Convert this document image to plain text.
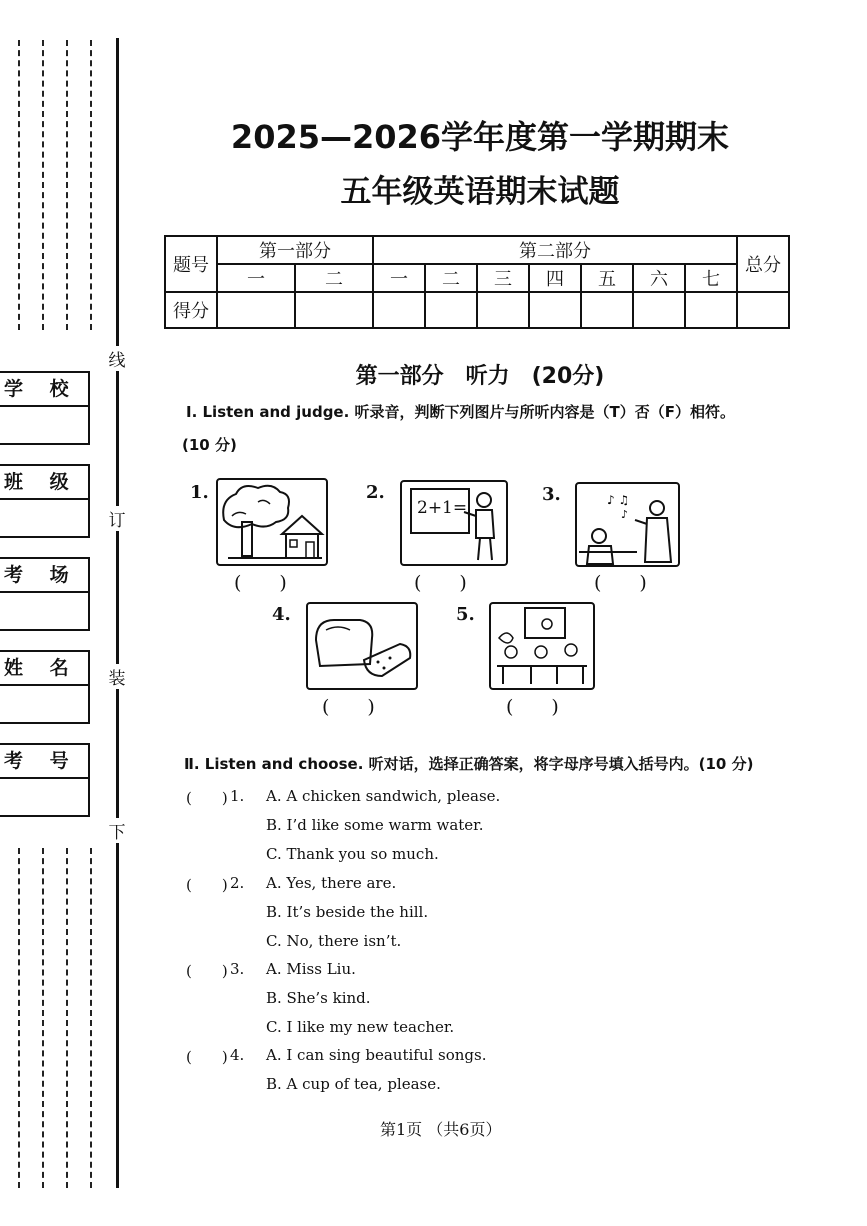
线
订
装
下
学 校
班 级
考 场
姓 名
考 号
2025—2026学年度第一学期期末
五年级英语期末试题
题号	第一部分		第二部分							总分
	一	二	一	二	三	四	五	六	七	
得分										
第一部分　听力　(20分)
Ⅰ. Listen and judge. 听录音，判断下列图片与所听内容是（T）否（F）相符。
(10 分)
1.
(　　)
2.
2+1=
(　　)
3.	♪ ♫
♪
(　　)
4.
(　　)
5.
(　　)
Ⅱ. Listen and choose. 听对话，选择正确答案，将字母序号填入括号内。(10 分)
(　　) 1. A. A chicken sandwich, please.
B. I’d like some warm water.
C. Thank you so much.
(　　) 2. A. Yes, there are.
B. It’s beside the hill.
C. No, there isn’t.
(　　) 3. A. Miss Liu.
B. She’s kind.
C. I like my new teacher.
(　　) 4. A. I can sing beautiful songs.
B. A cup of tea, please.
第1页 （共6页）
